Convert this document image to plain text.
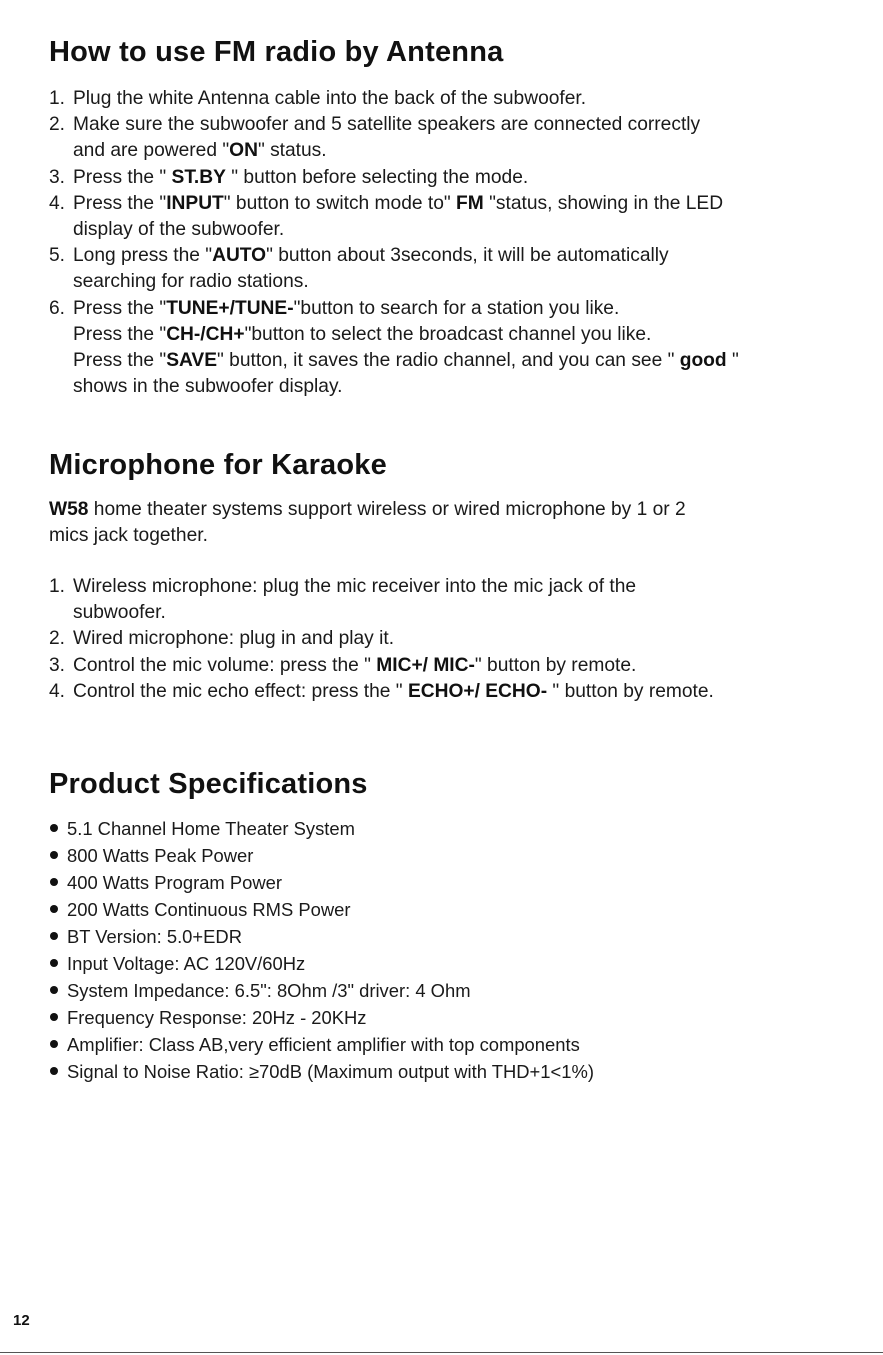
How to use FM radio by Antenna
1. Plug the white Antenna cable into the back of the subwoofer.
2. Make sure the subwoofer and 5 satellite speakers are connected correctly
and are powered "ON" status.
3. Press the " ST.BY " button before selecting the mode.
4. Press the "INPUT" button to switch mode to" FM "status, showing in the LED
display of the subwoofer.
5. Long press the "AUTO" button about 3seconds, it will be automatically
searching for radio stations.
6. Press the "TUNE+/TUNE-"button to search for a station you like.
Press the "CH-/CH+"button to select the broadcast channel you like.
Press the "SAVE" button, it saves the radio channel, and you can see " good "
shows in the subwoofer display.
Microphone for Karaoke
W58 home theater systems support wireless or wired microphone by 1 or 2
mics jack together.
1. Wireless microphone: plug the mic receiver into the mic jack of the
subwoofer.
2. Wired microphone: plug in and play it.
3. Control the mic volume: press the " MIC+/ MIC-" button by remote.
4. Control the mic echo effect: press the " ECHO+/ ECHO- " button by remote.
Product Specifications
5.1 Channel Home Theater System
800 Watts Peak Power
400 Watts Program Power
200 Watts Continuous RMS Power
BT Version: 5.0+EDR
Input Voltage: AC 120V/60Hz
System Impedance: 6.5": 8Ohm /3" driver: 4 Ohm
Frequency Response: 20Hz - 20KHz
Amplifier: Class AB,very efficient amplifier with top components
Signal to Noise Ratio: ≥70dB (Maximum output with THD+1<1%)
12
